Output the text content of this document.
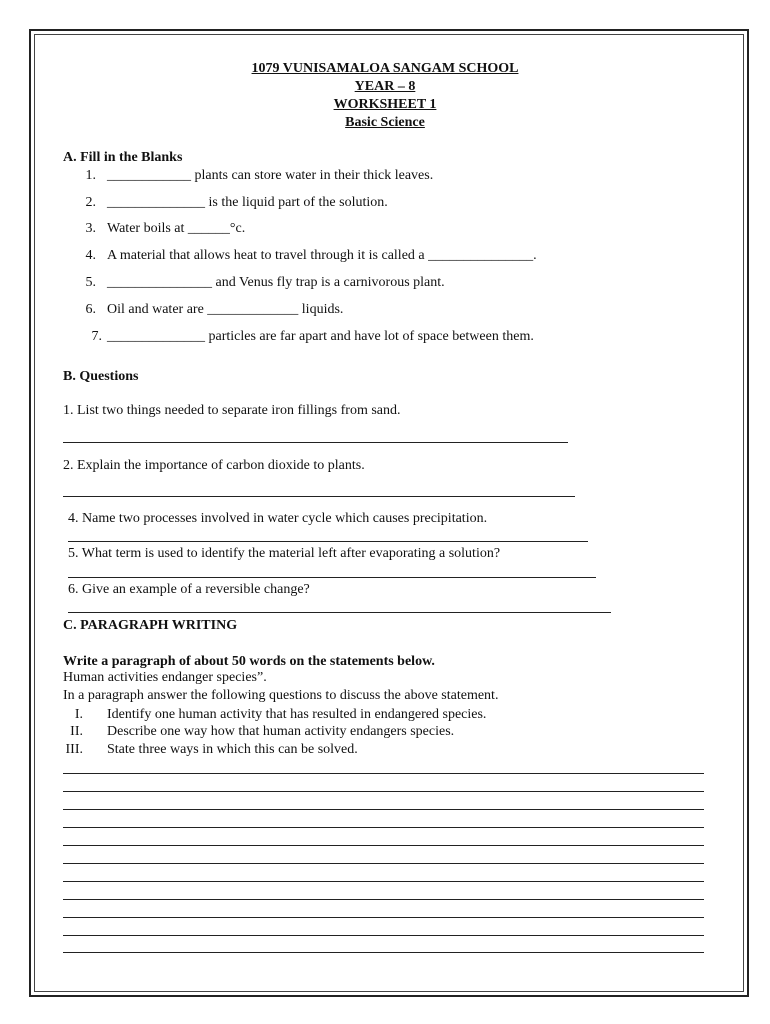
1079 VUNISAMALOA SANGAM SCHOOL
YEAR – 8
WORKSHEET 1
Basic Science
A. Fill in the Blanks
1. ____________ plants can store water in their thick leaves.
2. ______________ is the liquid part of the solution.
3. Water boils at ______°c.
4. A material that allows heat to travel through it is called a _______________.
5. _______________ and Venus fly trap is a carnivorous plant.
6. Oil and water are _____________ liquids.
7. ______________ particles are far apart and have lot of space between them.
B. Questions
1. List two things needed to separate iron fillings from sand.
2. Explain the importance of carbon dioxide to plants.
4. Name two processes involved in water cycle which causes precipitation.
5. What term is used to identify the material left after evaporating a solution?
6. Give an example of a reversible change?
C. PARAGRAPH WRITING
Write a paragraph of about 50 words on the statements below.
Human activities endanger species”.
In a paragraph answer the following questions to discuss the above statement.
I. Identify one human activity that has resulted in endangered species.
II. Describe one way how that human activity endangers species.
III. State three ways in which this can be solved.
